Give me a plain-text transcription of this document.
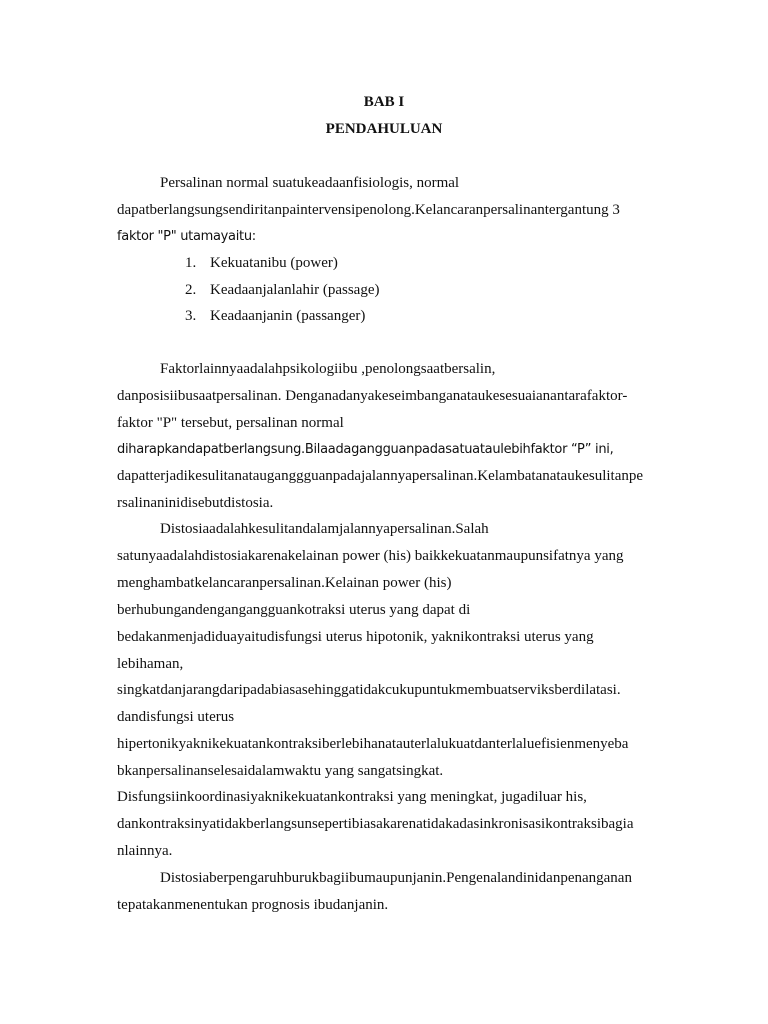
BAB I
PENDAHULUAN
Persalinan normal suatukeadaanfisiologis, normal
dapatberlangsungsendiritanpaintervensipenolong.Kelancaranpersalinantergantung 3
faktor "P" utamayaitu:
1. Kekuatanibu (power)
2. Keadaanjalanlahir (passage)
3. Keadaanjanin (passanger)
Faktorlainnyaadalahpsikologiibu ,penolongsaatbersalin,
danposisiibusaatpersalinan. Denganadanyakeseimbanganataukesesuaianantarafaktor-
faktor "P" tersebut, persalinan normal
diharapkandapatberlangsung.Bilaadagangguanpadasatuataulebihfaktor “P” ini,
dapatterjadikesulitanatauganggguanpadajalannyapersalinan.Kelambatanataukesulitanpe
rsalinaninidisebutdistosia.
Distosiaadalahkesulitandalamjalannyapersalinan.Salah
satunyaadalahdistosiakarenakelainan power (his) baikkekuatanmaupunsifatnya yang
menghambatkelancaranpersalinan.Kelainan power (his)
berhubungandengangangguankotraksi uterus yang dapat di
bedakanmenjadiduayaitudisfungsi uterus hipotonik, yaknikontraksi uterus yang
lebihaman,
singkatdanjarangdaripadabiasasehinggatidakcukupuntukmembuatserviksberdilatasi.
dandisfungsi uterus
hipertonikyaknikekuatankontraksiberlebihanatauterlalukuatdanterlaluefisienmenyeba
bkanpersalinanselesaidalamwaktu yang sangatsingkat.
Disfungsiinkoordinasiyaknikekuatankontraksi yang meningkat, jugadiluar his,
dankontraksinyatidakberlangsunsepertibiasakarenatidakadasinkronisasikontraksibagia
nlainnya.
Distosiaberpengaruhburukbagiibumaupunjanin.Pengenalandinidanpenanganan
tepatakanmenentukan prognosis ibudanjanin.
